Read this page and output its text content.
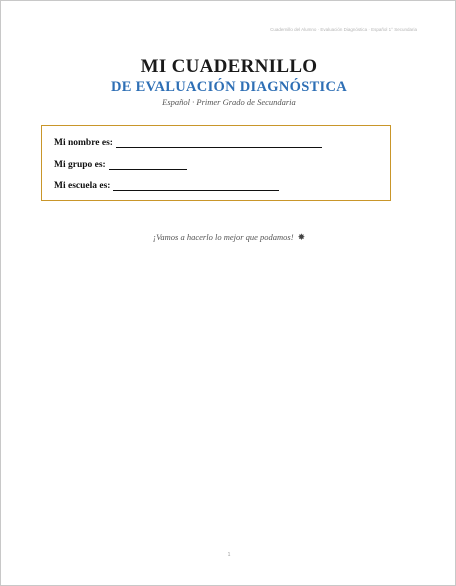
Cuadernillo del Alumno · Evaluación Diagnóstica · Español 1° Secundaria
MI CUADERNILLO
DE EVALUACIÓN DIAGNÓSTICA
Español · Primer Grado de Secundaria
Mi nombre es:
Mi grupo es:
Mi escuela es:
¡Vamos a hacerlo lo mejor que podamos! ✸
1
